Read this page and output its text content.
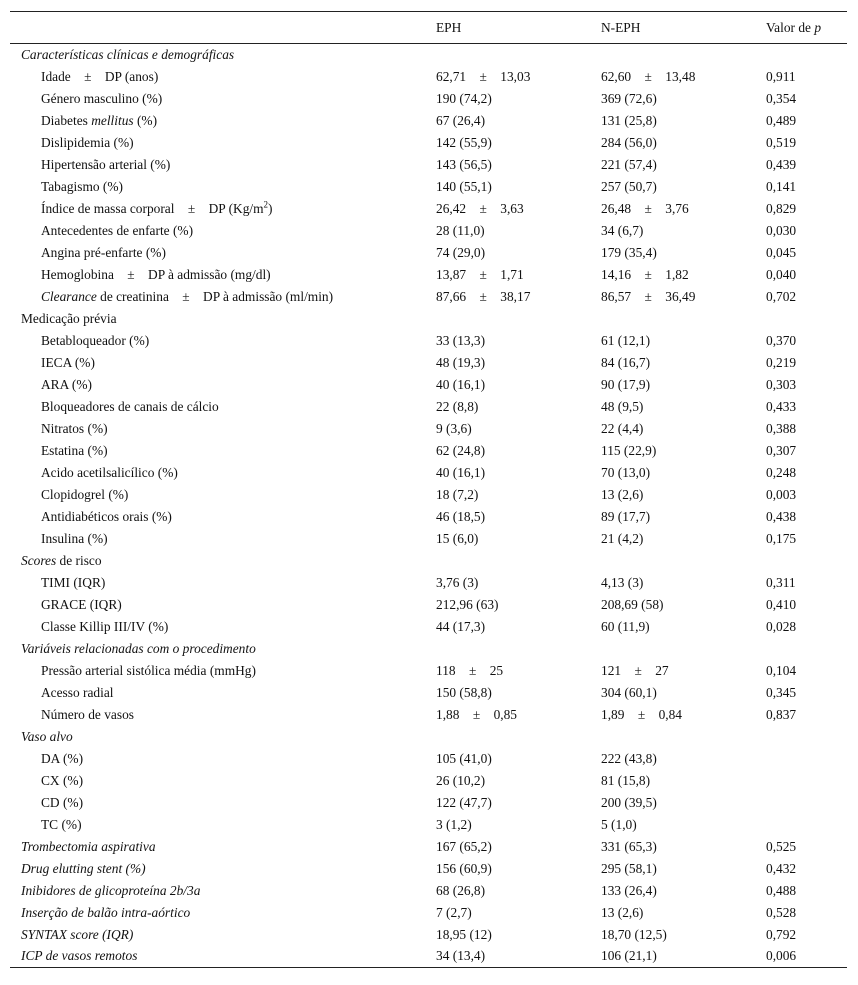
	EPH	N-EPH	Valor de p
Características clínicas e demográficas			
Idade ± DP (anos)	62,71 ± 13,03	62,60 ± 13,48	0,911
Género masculino (%)	190 (74,2)	369 (72,6)	0,354
Diabetes mellitus (%)	67 (26,4)	131 (25,8)	0,489
Dislipidemia (%)	142 (55,9)	284 (56,0)	0,519
Hipertensão arterial (%)	143 (56,5)	221 (57,4)	0,439
Tabagismo (%)	140 (55,1)	257 (50,7)	0,141
Índice de massa corporal ± DP $(Kg/m^2)$	26,42 ± 3,63	26,48 ± 3,76	0,829
Antecedentes de enfarte (%)	28 (11,0)	34 (6,7)	0,030
Angina pré-enfarte (%)	74 (29,0)	179 (35,4)	0,045
Hemoglobina ± DP à admissão (mg/dl)	13,87 ± 1,71	14,16 ± 1,82	0,040
Clearance de creatinina ± DP à admissão (ml/min)	87,66 ± 38,17	86,57 ± 36,49	0,702
Medicação prévia			
Betabloqueador (%)	33 (13,3)	61 (12,1)	0,370
IECA (%)	48 (19,3)	84 (16,7)	0,219
ARA (%)	40 (16,1)	90 (17,9)	0,303
Bloqueadores de canais de cálcio	22 (8,8)	48 (9,5)	0,433
Nitratos (%)	9 (3,6)	22 (4,4)	0,388
Estatina (%)	62 (24,8)	115 (22,9)	0,307
Acido acetilsalicílico (%)	40 (16,1)	70 (13,0)	0,248
Clopidogrel (%)	18 (7,2)	13 (2,6)	0,003
Antidiabéticos orais (%)	46 (18,5)	89 (17,7)	0,438
Insulina (%)	15 (6,0)	21 (4,2)	0,175
Scores de risco			
TIMI (IQR)	3,76 (3)	4,13 (3)	0,311
GRACE (IQR)	212,96 (63)	208,69 (58)	0,410
Classe Killip III/IV (%)	44 (17,3)	60 (11,9)	0,028
Variáveis relacionadas com o procedimento			
Pressão arterial sistólica média (mmHg)	118 ± 25	121 ± 27	0,104
Acesso radial	150 (58,8)	304 (60,1)	0,345
Número de vasos	1,88 ± 0,85	1,89 ± 0,84	0,837
Vaso alvo			
DA (%)	105 (41,0)	222 (43,8)	
CX (%)	26 (10,2)	81 (15,8)	
CD (%)	122 (47,7)	200 (39,5)	
TC (%)	3 (1,2)	5 (1,0)	
Trombectomia aspirativa	167 (65,2)	331 (65,3)	0,525
Drug elutting stent (%)	156 (60,9)	295 (58,1)	0,432
Inibidores de glicoproteína 2b/3a	68 (26,8)	133 (26,4)	0,488
Inserção de balão intra-aórtico	7 (2,7)	13 (2,6)	0,528
SYNTAX score (IQR)	18,95 (12)	18,70 (12,5)	0,792
ICP de vasos remotos	34 (13,4)	106 (21,1)	0,006
